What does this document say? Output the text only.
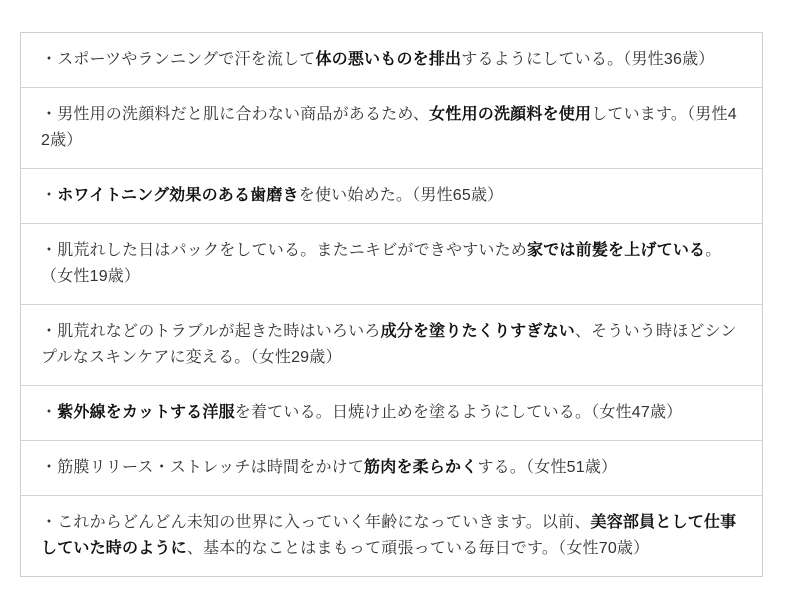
・スポーツやランニングで汗を流して体の悪いものを排出するようにしている。（男性36歳）
・男性用の洗顔料だと肌に合わない商品があるため、女性用の洗顔料を使用しています。（男性42歳）
・ホワイトニング効果のある歯磨きを使い始めた。（男性65歳）
・肌荒れした日はパックをしている。またニキビができやすいため家では前髪を上げている。（女性19歳）
・肌荒れなどのトラブルが起きた時はいろいろ成分を塗りたくりすぎない、そういう時ほどシンプルなスキンケアに変える。（女性29歳）
・紫外線をカットする洋服を着ている。日焼け止めを塗るようにしている。（女性47歳）
・筋膜リリース・ストレッチは時間をかけて筋肉を柔らかくする。（女性51歳）
・これからどんどん未知の世界に入っていく年齢になっていきます。以前、美容部員として仕事していた時のように、基本的なことはまもって頑張っている毎日です。（女性70歳）
